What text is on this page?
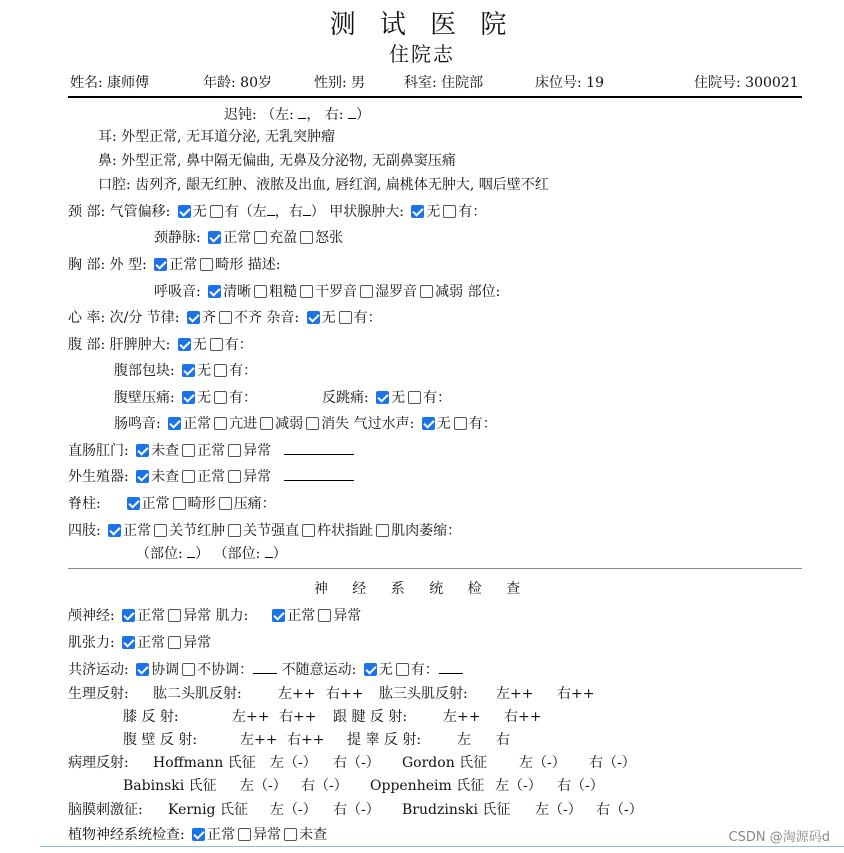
测 试 医 院
住院志
姓名: 康师傅	年龄: 80岁	性别: 男	科室: 住院部	床位号: 19	住院号: 300021
迟钝: （左: ， 右: ）
耳: 外型正常, 无耳道分泌, 无乳突肿瘤
鼻: 外型正常, 鼻中隔无偏曲, 无鼻及分泌物, 无副鼻窦压痛
口腔: 齿列齐, 龈无红肿、液脓及出血, 唇红润, 扁桃体无肿大, 咽后壁不红
颈 部: 气管偏移: 无 有（左 ，右 ） 甲状腺肿大: 无 有：
颈静脉: 正常 充盈 怒张
胸 部: 外 型: 正常 畸形 描述:
呼吸音: 清晰 粗糙 干罗音 湿罗音 减弱 部位:
心 率: 次/分 节律: 齐 不齐 杂音: 无 有：
腹 部: 肝脾肿大: 无 有：
腹部包块: 无 有：
腹壁压痛: 无 有：	反跳痛: 无 有：
肠鸣音: 正常 亢进 减弱 消失 气过水声: 无 有：
直肠肛门: 未查 正常 异常
外生殖器: 未查 正常 异常
脊柱:	正常 畸形 压痛：
四肢: 正常 关节红肿 关节强直 杵状指趾 肌肉萎缩：
（部位: ） （部位: ）
神 经 系 统 检 查
颅神经: 正常 异常 肌力:	正常 异常
肌张力: 正常 异常
共济运动: 协调 不协调： 不随意运动: 无 有：
生理反射: 肱二头肌反射:	左++ 右++ 肱三头肌反射: 左++ 右++
膝 反 射:	左++ 右++ 跟 腱 反 射:	左++ 右++
腹 壁 反 射:	左++ 右++ 提 睾 反 射:	左 右
病理反射: Hoffmann 氏征 左（-） 右（-） Gordon 氏征 左（-） 右（-）
Babinski 氏征 左（-） 右（-） Oppenheim 氏征 左（-） 右（-）
脑膜刺激征: Kernig 氏征 左（-） 右（-） Brudzinski 氏征 左（-） 右（-）
植物神经系统检查: 正常 异常 未查	CSDN @淘源码d
